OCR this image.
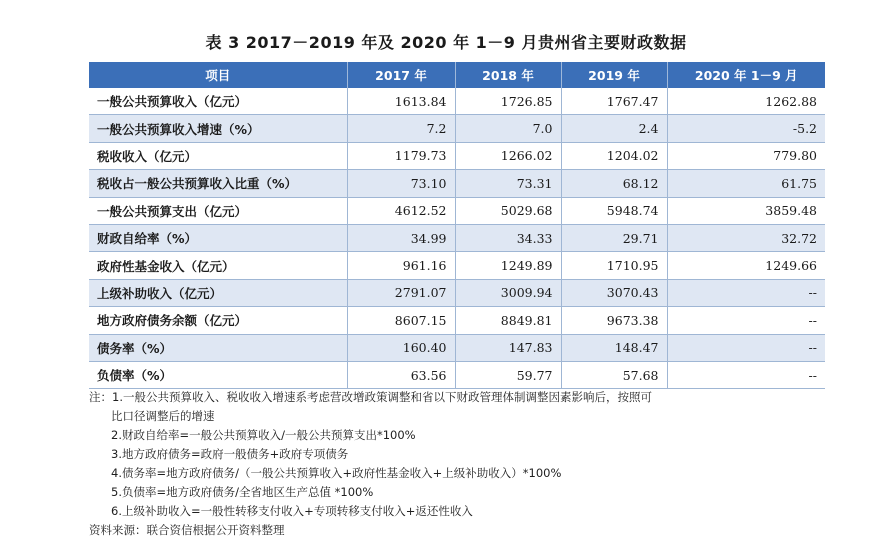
表 3 2017－2019 年及 2020 年 1－9 月贵州省主要财政数据
项目	2017 年	2018 年	2019 年	2020 年 1－9 月
一般公共预算收入（亿元）	1613.84	1726.85	1767.47	1262.88
一般公共预算收入增速（%）	7.2	7.0	2.4	-5.2
税收收入（亿元）	1179.73	1266.02	1204.02	779.80
税收占一般公共预算收入比重（%）	73.10	73.31	68.12	61.75
一般公共预算支出（亿元）	4612.52	5029.68	5948.74	3859.48
财政自给率（%）	34.99	34.33	29.71	32.72
政府性基金收入（亿元）	961.16	1249.89	1710.95	1249.66
上级补助收入（亿元）	2791.07	3009.94	3070.43	--
地方政府债务余额（亿元）	8607.15	8849.81	9673.38	--
债务率（%）	160.40	147.83	148.47	--
负债率（%）	63.56	59.77	57.68	--
注： 1.一般公共预算收入、税收收入增速系考虑营改增政策调整和省以下财政管理体制调整因素影响后，按照可
比口径调整后的增速
2.财政自给率=一般公共预算收入/一般公共预算支出*100%
3.地方政府债务=政府一般债务+政府专项债务
4.债务率=地方政府债务/（一般公共预算收入+政府性基金收入+上级补助收入）*100%
5.负债率=地方政府债务/全省地区生产总值 *100%
6.上级补助收入=一般性转移支付收入+专项转移支付收入+返还性收入
资料来源：联合资信根据公开资料整理
